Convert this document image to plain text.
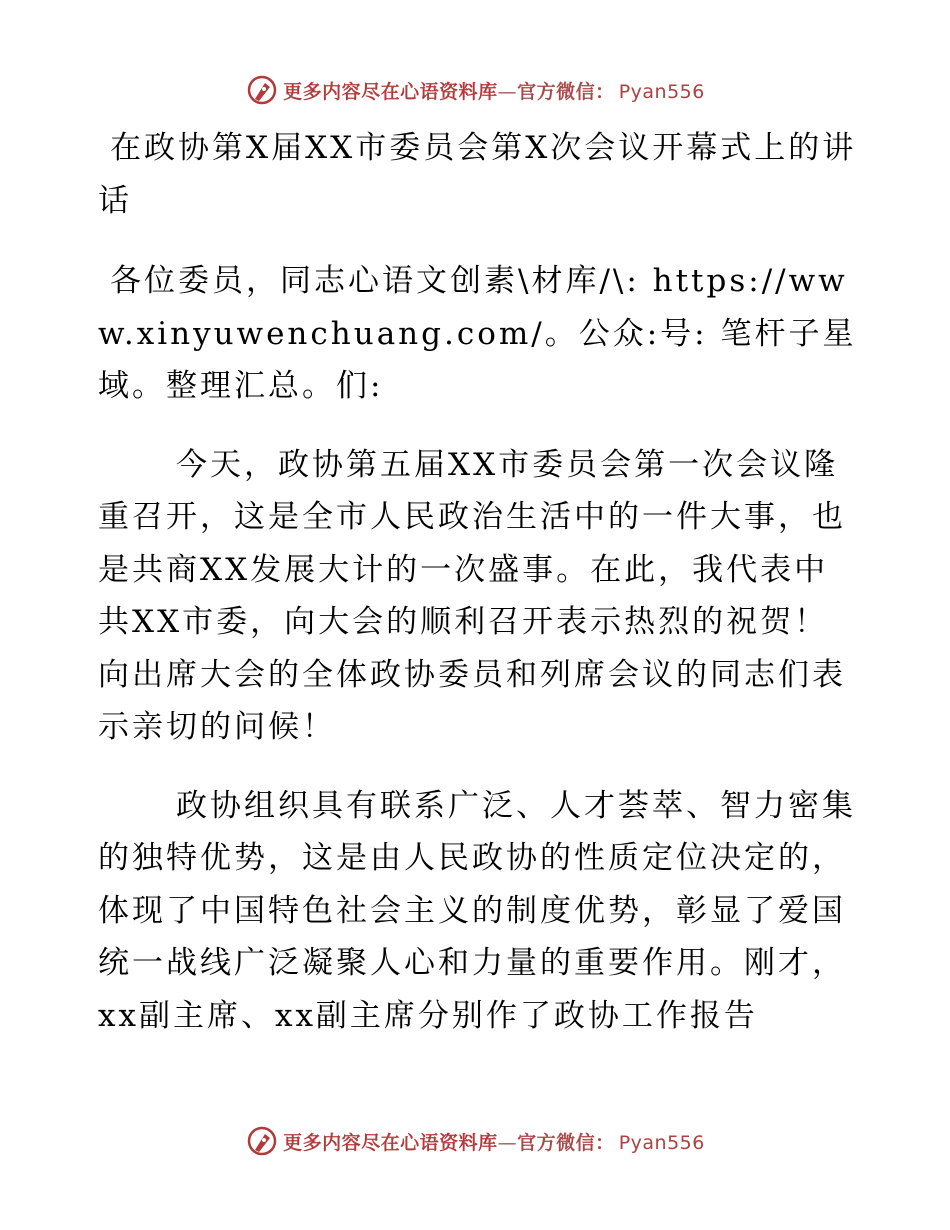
更多内容尽在心语资料库—官方微信： Pyan556

在政协第X届XX市委员会第X次会议开幕式上的讲话

各位委员，同志心语文创素\材库/\: https://www.xinyuwenchuang.com/。公众:号: 笔杆子星域。整理汇总。们:

今天，政协第五届XX市委员会第一次会议隆重召开，这是全市人民政治生活中的一件大事，也是共商XX发展大计的一次盛事。在此，我代表中共XX市委，向大会的顺利召开表示热烈的祝贺！向出席大会的全体政协委员和列席会议的同志们表示亲切的问候！

政协组织具有联系广泛、人才荟萃、智力密集的独特优势，这是由人民政协的性质定位决定的，体现了中国特色社会主义的制度优势，彰显了爱国统一战线广泛凝聚人心和力量的重要作用。刚才，xx副主席、xx副主席分别作了政协工作报告

更多内容尽在心语资料库—官方微信： Pyan556
